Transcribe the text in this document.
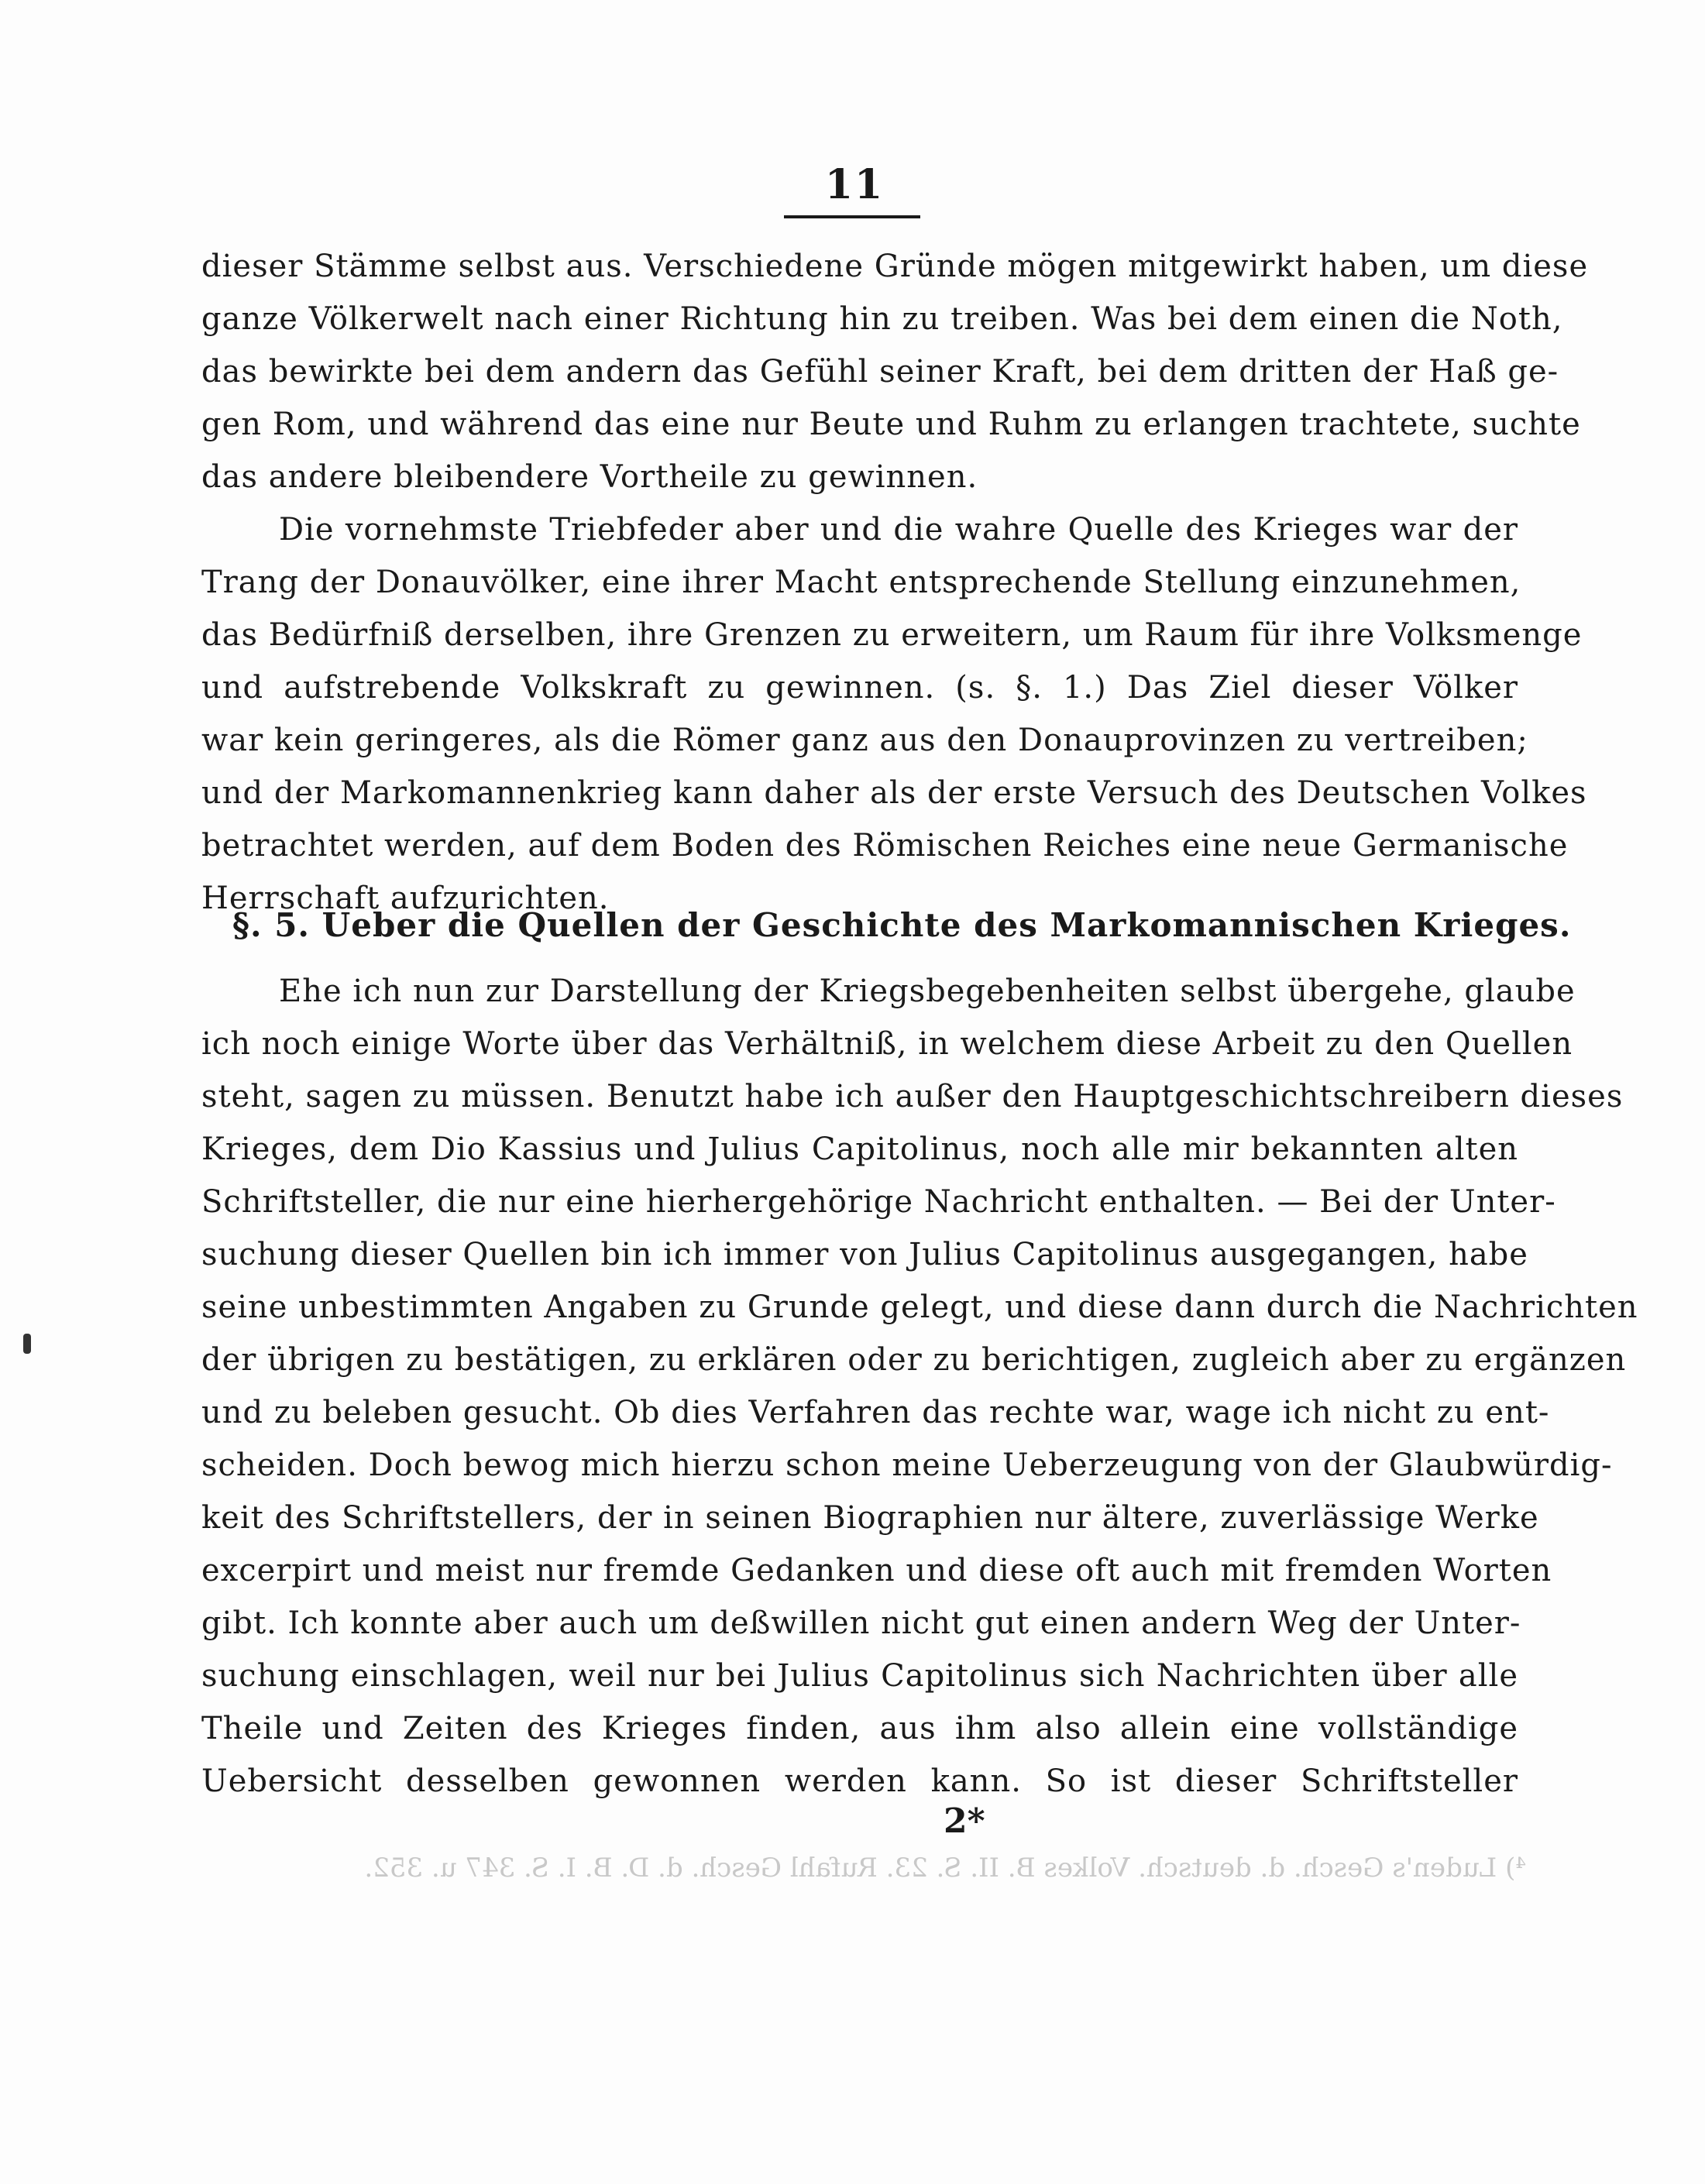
11
dieser Stämme selbst aus. Verschiedene Gründe mögen mitgewirkt haben, um diese
ganze Völkerwelt nach einer Richtung hin zu treiben. Was bei dem einen die Noth,
das bewirkte bei dem andern das Gefühl seiner Kraft, bei dem dritten der Haß ge-
gen Rom, und während das eine nur Beute und Ruhm zu erlangen trachtete, suchte
das andere bleibendere Vortheile zu gewinnen.
Die vornehmste Triebfeder aber und die wahre Quelle des Krieges war der
Trang der Donauvölker, eine ihrer Macht entsprechende Stellung einzunehmen,
das Bedürfniß derselben, ihre Grenzen zu erweitern, um Raum für ihre Volksmenge
und aufstrebende Volkskraft zu gewinnen. (s. §. 1.) Das Ziel dieser Völker
war kein geringeres, als die Römer ganz aus den Donauprovinzen zu vertreiben;
und der Markomannenkrieg kann daher als der erste Versuch des Deutschen Volkes
betrachtet werden, auf dem Boden des Römischen Reiches eine neue Germanische
Herrschaft aufzurichten.
§. 5. Ueber die Quellen der Geschichte des Markomannischen Krieges.
Ehe ich nun zur Darstellung der Kriegsbegebenheiten selbst übergehe, glaube
ich noch einige Worte über das Verhältniß, in welchem diese Arbeit zu den Quellen
steht, sagen zu müssen. Benutzt habe ich außer den Hauptgeschichtschreibern dieses
Krieges, dem Dio Kassius und Julius Capitolinus, noch alle mir bekannten alten
Schriftsteller, die nur eine hierhergehörige Nachricht enthalten. — Bei der Unter-
suchung dieser Quellen bin ich immer von Julius Capitolinus ausgegangen, habe
seine unbestimmten Angaben zu Grunde gelegt, und diese dann durch die Nachrichten
der übrigen zu bestätigen, zu erklären oder zu berichtigen, zugleich aber zu ergänzen
und zu beleben gesucht. Ob dies Verfahren das rechte war, wage ich nicht zu ent-
scheiden. Doch bewog mich hierzu schon meine Ueberzeugung von der Glaubwürdig-
keit des Schriftstellers, der in seinen Biographien nur ältere, zuverlässige Werke
excerpirt und meist nur fremde Gedanken und diese oft auch mit fremden Worten
gibt. Ich konnte aber auch um deßwillen nicht gut einen andern Weg der Unter-
suchung einschlagen, weil nur bei Julius Capitolinus sich Nachrichten über alle
Theile und Zeiten des Krieges finden, aus ihm also allein eine vollständige
Uebersicht desselben gewonnen werden kann. So ist dieser Schriftsteller
2*
⁴) Luden's Gesch. d. deutsch. Volkes B. II. S. 23. Rufahl Gesch. d. D. B. I. S. 347 u. 352.
